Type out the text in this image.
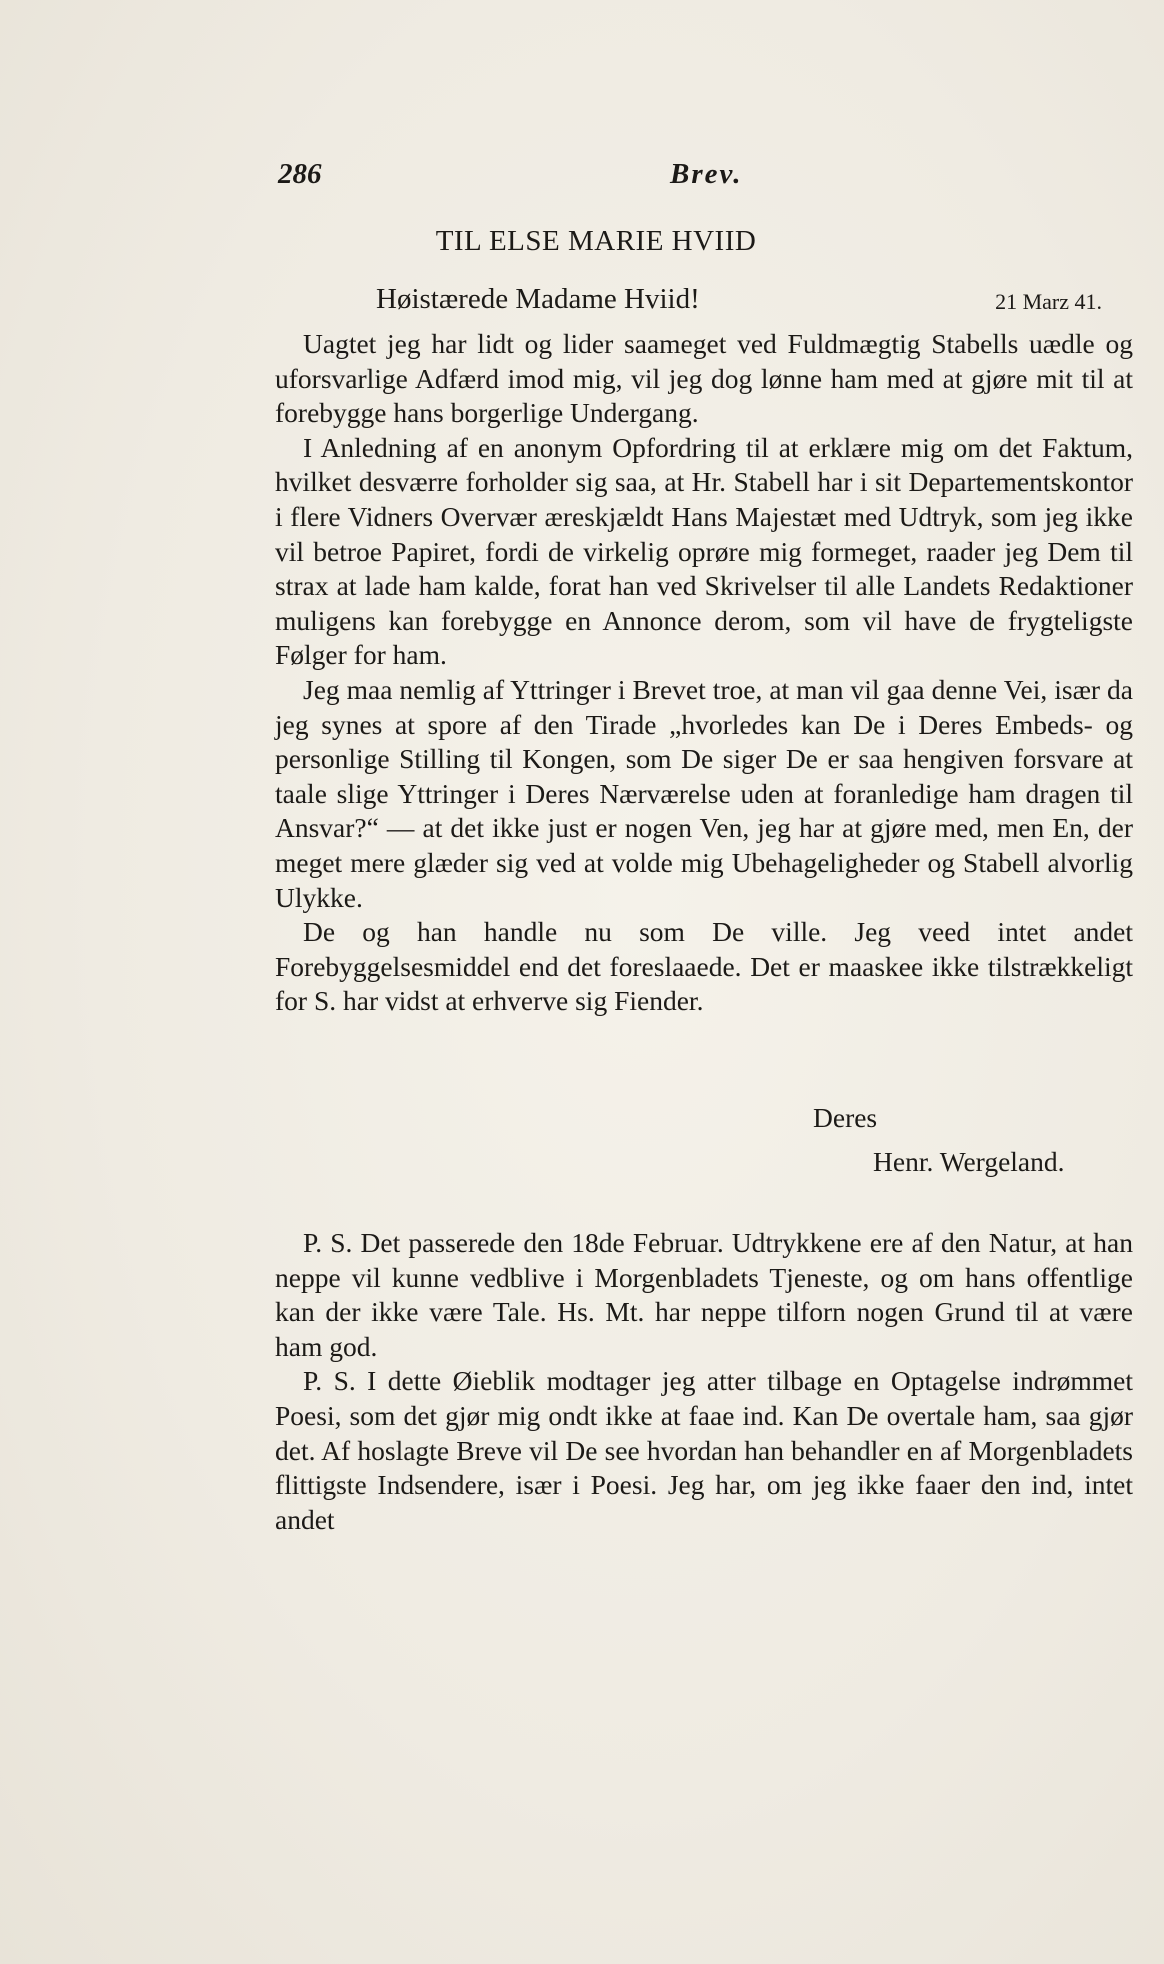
286	Brev.
TIL ELSE MARIE HVIID
Høistærede Madame Hviid!	21 Marz 41.

Uagtet jeg har lidt og lider saameget ved Fuldmægtig Stabells uædle og uforsvarlige Adfærd imod mig, vil jeg dog lønne ham med at gjøre mit til at forebygge hans borgerlige Undergang.

I Anledning af en anonym Opfordring til at erklære mig om det Faktum, hvilket desværre forholder sig saa, at Hr. Stabell har i sit Departementskontor i flere Vidners Overvær æreskjældt Hans Majestæt med Udtryk, som jeg ikke vil betroe Papiret, fordi de virkelig oprøre mig formeget, raader jeg Dem til strax at lade ham kalde, forat han ved Skrivelser til alle Landets Redaktioner muligens kan forebygge en Annonce derom, som vil have de frygteligste Følger for ham.

Jeg maa nemlig af Yttringer i Brevet troe, at man vil gaa denne Vei, især da jeg synes at spore af den Tirade „hvorledes kan De i Deres Embeds- og personlige Stilling til Kongen, som De siger De er saa hengiven forsvare at taale slige Yttringer i Deres Nærværelse uden at foranledige ham dragen til Ansvar?“ — at det ikke just er nogen Ven, jeg har at gjøre med, men En, der meget mere glæder sig ved at volde mig Ubehageligheder og Stabell alvorlig Ulykke.

De og han handle nu som De ville. Jeg veed intet andet Forebyggelsesmiddel end det foreslaaede. Det er maaskee ikke tilstrækkeligt for S. har vidst at erhverve sig Fiender.

Deres
Henr. Wergeland.

P. S. Det passerede den 18de Februar. Udtrykkene ere af den Natur, at han neppe vil kunne vedblive i Morgenbladets Tjeneste, og om hans offentlige kan der ikke være Tale. Hs. Mt. har neppe tilforn nogen Grund til at være ham god.

P. S. I dette Øieblik modtager jeg atter tilbage en Optagelse indrømmet Poesi, som det gjør mig ondt ikke at faae ind. Kan De overtale ham, saa gjør det. Af hoslagte Breve vil De see hvordan han behandler en af Morgenbladets flittigste Indsendere, især i Poesi. Jeg har, om jeg ikke faaer den ind, intet andet
